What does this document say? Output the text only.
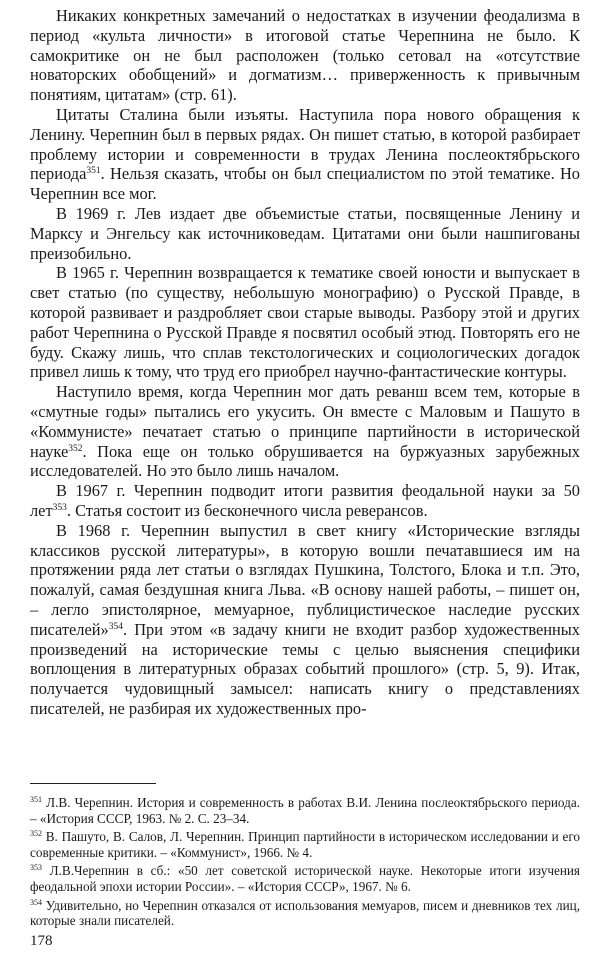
Никаких конкретных замечаний о недостатках в изучении феодализма в период «культа личности» в итоговой статье Черепнина не было. К самокритике он не был расположен (только сетовал на «отсутствие новаторских обобщений» и догматизм… приверженность к привычным понятиям, цитатам» (стр. 61).

Цитаты Сталина были изъяты. Наступила пора нового обращения к Ленину. Черепнин был в первых рядах. Он пишет статью, в которой разбирает проблему истории и современности в трудах Ленина послеоктябрьского периода$^{351}$. Нельзя сказать, чтобы он был специалистом по этой тематике. Но Черепнин все мог.

В 1969 г. Лев издает две объемистые статьи, посвященные Ленину и Марксу и Энгельсу как источниковедам. Цитатами они были нашпигованы преизобильно.

В 1965 г. Черепнин возвращается к тематике своей юности и выпускает в свет статью (по существу, небольшую монографию) о Русской Правде, в которой развивает и раздробляет свои старые выводы. Разбору этой и других работ Черепнина о Русской Правде я посвятил особый этюд. Повторять его не буду. Скажу лишь, что сплав текстологических и социологических догадок привел лишь к тому, что труд его приобрел научно-фантастические контуры.

Наступило время, когда Черепнин мог дать реванш всем тем, которые в «смутные годы» пытались его укусить. Он вместе с Маловым и Пашуто в «Коммунисте» печатает статью о принципе партийности в исторической науке$^{352}$. Пока еще он только обрушивается на буржуазных зарубежных исследователей. Но это было лишь началом.

В 1967 г. Черепнин подводит итоги развития феодальной науки за 50 лет$^{353}$. Статья состоит из бесконечного числа реверансов.

В 1968 г. Черепнин выпустил в свет книгу «Исторические взгляды классиков русской литературы», в которую вошли печатавшиеся им на протяжении ряда лет статьи о взглядах Пушкина, Толстого, Блока и т.п. Это, пожалуй, самая бездушная книга Льва. «В основу нашей работы, – пишет он, – легло эпистолярное, мемуарное, публицистическое наследие русских писателей»$^{354}$. При этом «в задачу книги не входит разбор художественных произведений на исторические темы с целью выяснения специфики воплощения в литературных образах событий прошлого» (стр. 5, 9). Итак, получается чудовищный замысел: написать книгу о представлениях писателей, не разбирая их художественных про-

$^{351}$ Л.В. Черепнин. История и современность в работах В.И. Ленина послеоктябрьского периода. – «История СССР, 1963. № 2. С. 23–34.

$^{352}$ В. Пашуто, В. Салов, Л. Черепнин. Принцип партийности в историческом исследовании и его современные критики. – «Коммунист», 1966. № 4.

$^{353}$ Л.В.Черепнин в сб.: «50 лет советской исторической науке. Некоторые итоги изучения феодальной эпохи истории России». – «История СССР», 1967. № 6.

$^{354}$ Удивительно, но Черепнин отказался от использования мемуаров, писем и дневников тех лиц, которые знали писателей.

178
